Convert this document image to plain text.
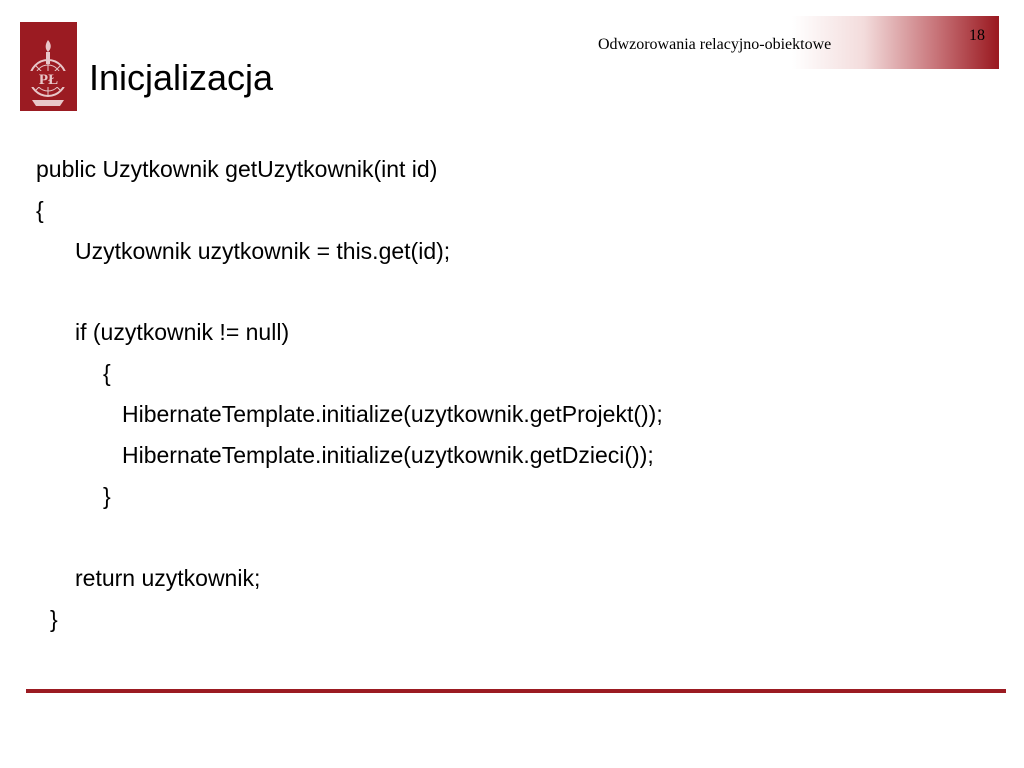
PŁ Inicjalizacja
Odwzorowania relacyjno-obiektowe
18
public Uzytkownik getUzytkownik(int id)
{
Uzytkownik uzytkownik = this.get(id);
if (uzytkownik != null)
{
HibernateTemplate.initialize(uzytkownik.getProjekt());
HibernateTemplate.initialize(uzytkownik.getDzieci());
}
return uzytkownik;
}
